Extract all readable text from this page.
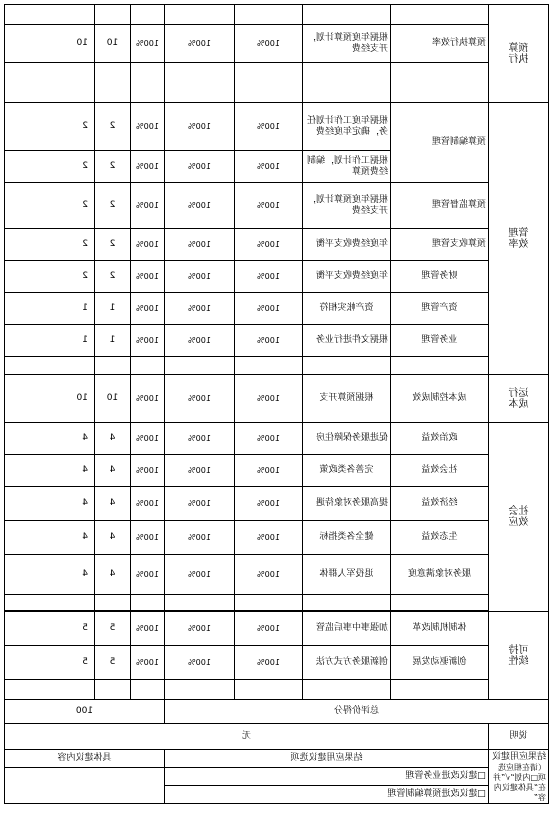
预算
执行							
	预算执行效率	根据年度预算计划，开支经费	100%	100%	100%	10	10

管理
效率	预算编制管理	根据年度工作计划任务，确定年度经费	100%	100%	100%	2	2
		根据工作计划，编制经费预算	100%	100%	100%	2	2
	预算监督管理	根据年度预算计划，开支经费	100%	100%	100%	2	2
	预算收支管理	年度经费收支平衡	100%	100%	100%	2	2
	财务管理	年度经费收支平衡	100%	100%	100%	2	2
	资产管理	资产帐实相符	100%	100%	100%	1	1
	业务管理	根据文件进行业务	100%	100%	100%	1	1

运行
成本	成本控制成效	根据预算开支	100%	100%	100%	10	10
社会
效应	政治效益	促进服务保障住房	100%	100%	100%	4	4
	社会效益	完善各类政策	100%	100%	100%	4	4
	经济效益	提高服务对象待遇	100%	100%	100%	4	4
	生态效益	健全各类指标	100%	100%	100%	4	4
	服务对象满意度	退役军人群体	100%	100%	100%	4	4

可持
续性	体制机制改革	加强事中事后监管	100%	100%	100%	5	5
	创新驱动发展	创新服务方式方法	100%	100%	100%	5	5

总评价得分					100		
说明	无						

结果应用建议
（请在相应选项□内划“√”并在“具体建议内容”	结果应用建议选项				具体建议内容		
	□建议改进业务管理						
	□建议改进预算编制管理						
